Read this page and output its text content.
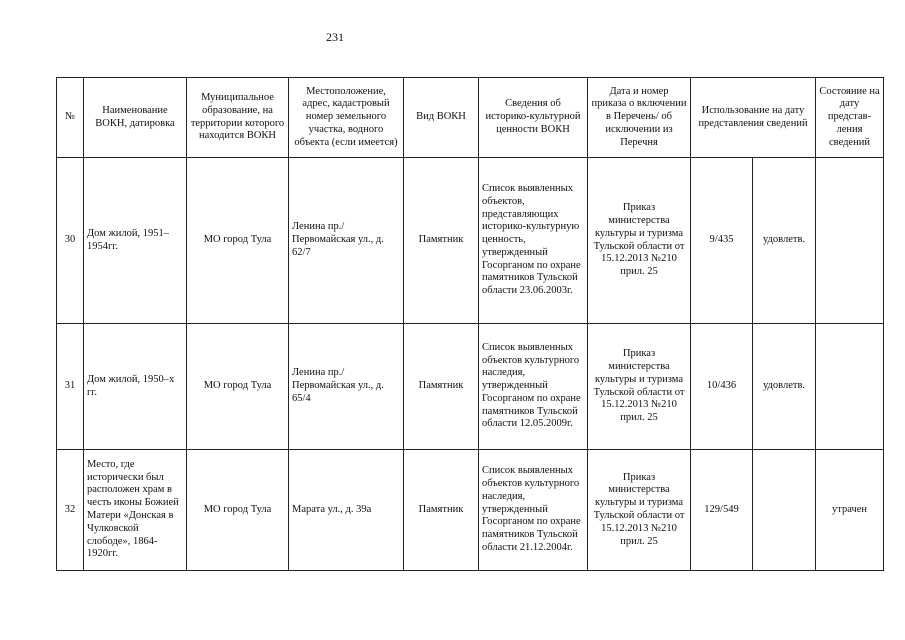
231
№	Наименование ВОКН, датировка	Муниципальное образование, на территории которого находится ВОКН	Местоположение, адрес, кадастровый номер земельного участка, водного объекта (если имеется)	Вид ВОКН	Сведения об историко-культурной ценности ВОКН	Дата и номер приказа о включении в Перечень/ об исключении из Перечня	Использование на дату представления сведений		Состояние на дату представ-ления сведений
30	Дом жилой, 1951–1954гг.	МО город Тула	Ленина пр./Первомайская ул., д. 62/7	Памятник	Список выявленных объектов, представляющих историко-культурную ценность, утвержденный Госорганом по охране памятников Тульской области 23.06.2003г.	Приказ министерства культуры и туризма Тульской области от 15.12.2013 №210 прил. 25	9/435	удовлетв.	
31	Дом жилой, 1950–х гг.	МО город Тула	Ленина пр./Первомайская ул., д. 65/4	Памятник	Список выявленных объектов культурного наследия, утвержденный Госорганом по охране памятников Тульской области 12.05.2009г.	Приказ министерства культуры и туризма Тульской области от 15.12.2013 №210 прил. 25	10/436	удовлетв.	
32	Место, где исторически был расположен храм в честь иконы Божией Матери «Донская в Чулковской слободе», 1864-1920гг.	МО город Тула	Марата ул., д. 39а	Памятник	Список выявленных объектов культурного наследия, утвержденный Госорганом по охране памятников Тульской области 21.12.2004г.	Приказ министерства культуры и туризма Тульской области от 15.12.2013 №210 прил. 25	129/549		утрачен
